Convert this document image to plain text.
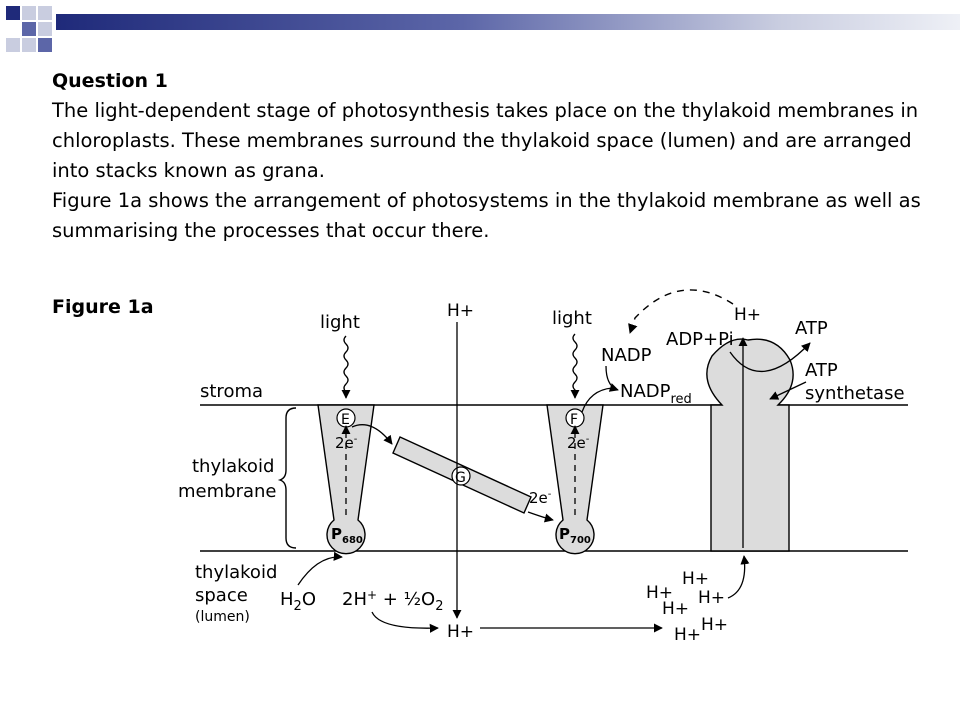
Question 1

The light-dependent stage of photosynthesis takes place on the thylakoid membranes in chloroplasts. These membranes surround the thylakoid space (lumen) and are arranged into stacks known as grana.

Figure 1a shows the arrangement of photosystems in the thylakoid membrane as well as summarising the processes that occur there.

Figure 1a
stroma
thylakoid
membrane
thylakoid
space
(lumen)
E
2e-
$P_{680}$
F
2e-
$P_{700}$
G
2e-
light	light
H+
H+
NADP
$NADP_{red}$
H+
ADP+Pi
ATP
ATP
synthetase
$H_2O$ $2H^+ + \frac{1}{2}O_2$
H+
H+ H+
H+
H+
H+
